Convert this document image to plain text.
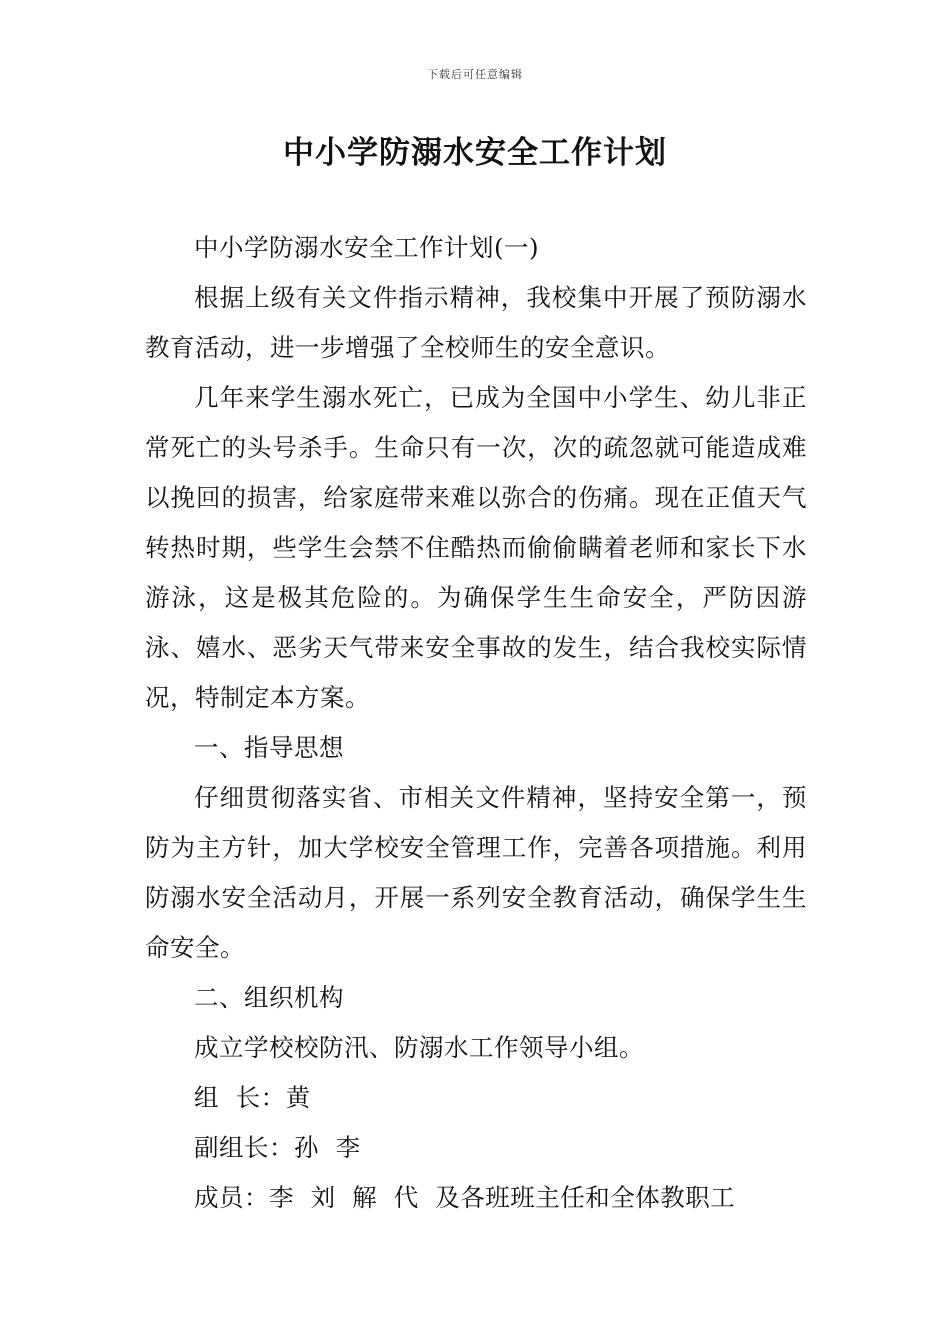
下载后可任意编辑
中小学防溺水安全工作计划

中小学防溺水安全工作计划(一)

根据上级有关文件指示精神，我校集中开展了预防溺水教育活动，进一步增强了全校师生的安全意识。

几年来学生溺水死亡，已成为全国中小学生、幼儿非正常死亡的头号杀手。生命只有一次，次的疏忽就可能造成难以挽回的损害，给家庭带来难以弥合的伤痛。现在正值天气转热时期，些学生会禁不住酷热而偷偷瞒着老师和家长下水游泳，这是极其危险的。为确保学生生命安全，严防因游泳、嬉水、恶劣天气带来安全事故的发生，结合我校实际情况，特制定本方案。

一、指导思想

仔细贯彻落实省、市相关文件精神，坚持安全第一，预防为主方针，加大学校安全管理工作，完善各项措施。利用防溺水安全活动月，开展一系列安全教育活动，确保学生生命安全。

二、组织机构

成立学校校防汛、防溺水工作领导小组。

组  长：黄

副组长：孙  李

成员：李  刘  解  代  及各班班主任和全体教职工
